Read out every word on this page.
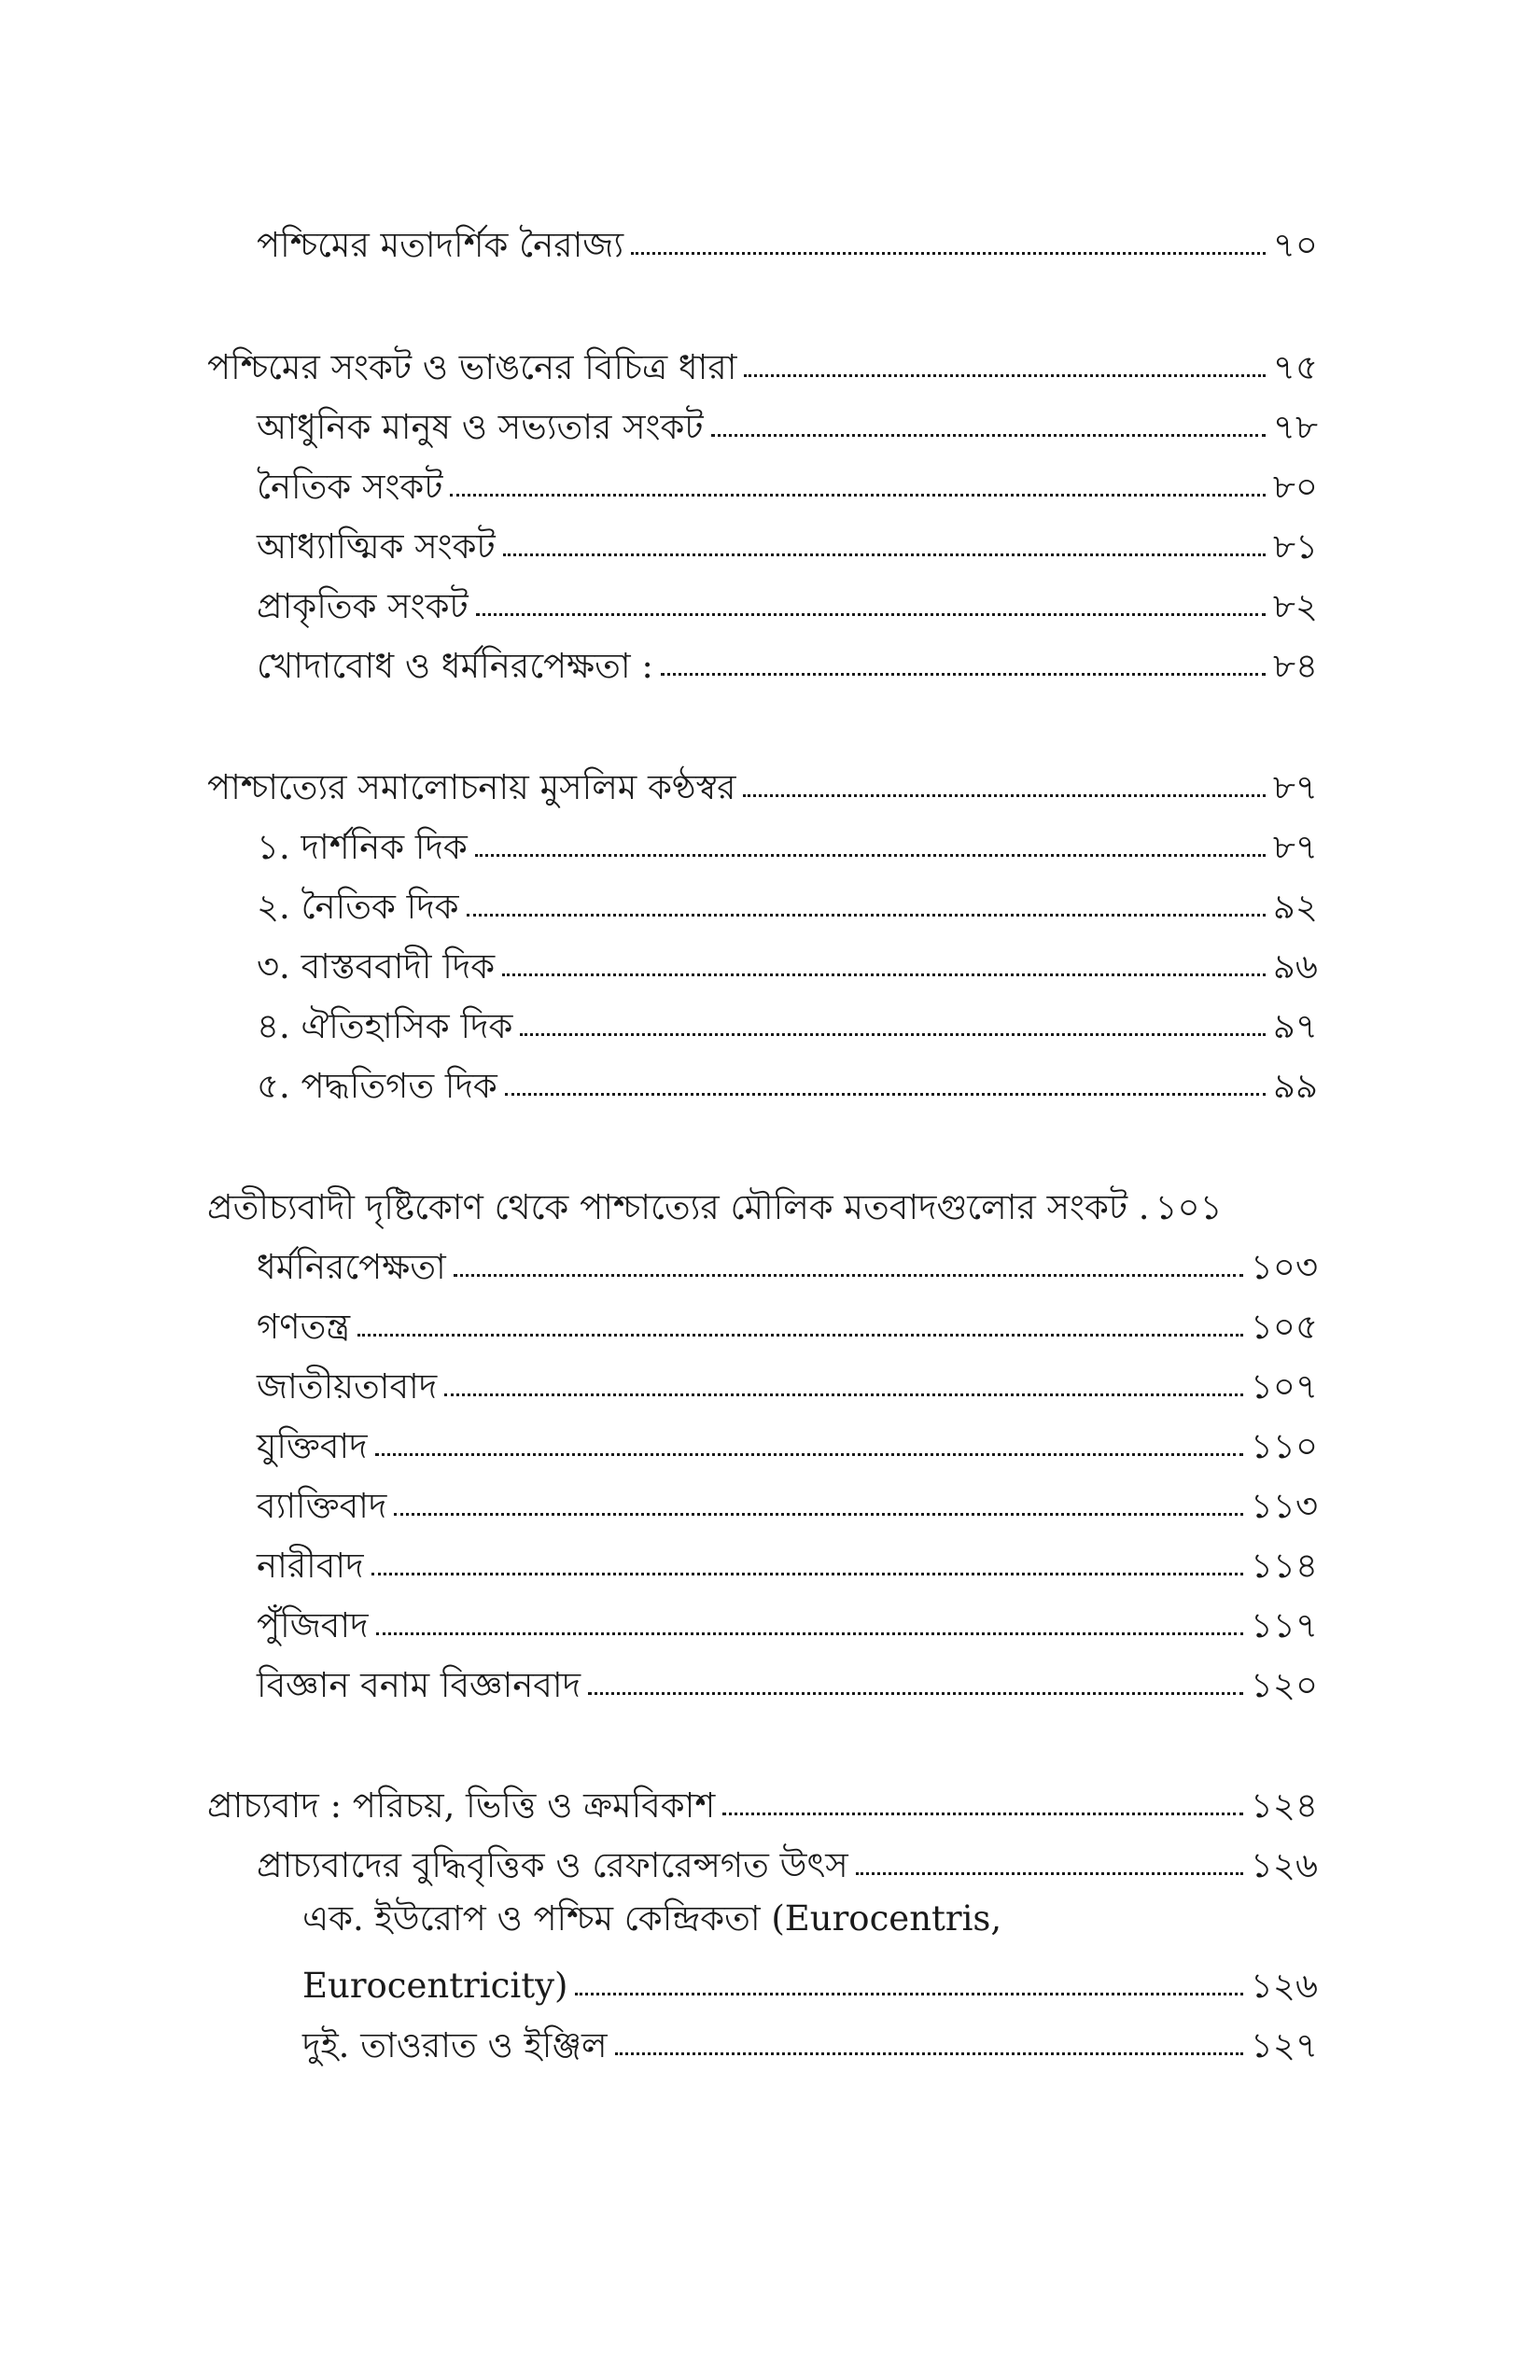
পশ্চিমের মতাদর্শিক নৈরাজ্য	৭০
পশ্চিমের সংকট ও ভাঙনের বিচিত্র ধারা	৭৫
আধুনিক মানুষ ও সভ্যতার সংকট	৭৮
নৈতিক সংকট	৮০
আধ্যাত্মিক সংকট	৮১
প্রাকৃতিক সংকট	৮২
খোদাবোধ ও ধর্মনিরপেক্ষতা :	৮৪
পাশ্চাত্যের সমালোচনায় মুসলিম কণ্ঠস্বর	৮৭
১. দার্শনিক দিক	৮৭
২. নৈতিক দিক	৯২
৩. বাস্তববাদী দিক	৯৬
৪. ঐতিহাসিক দিক	৯৭
৫. পদ্ধতিগত দিক	৯৯
প্রতীচ্যবাদী দৃষ্টিকোণ থেকে পাশ্চাত্যের মৌলিক মতবাদগুলোর সংকট . ১০১
ধর্মনিরপেক্ষতা	১০৩
গণতন্ত্র	১০৫
জাতীয়তাবাদ	১০৭
যুক্তিবাদ	১১০
ব্যাক্তিবাদ	১১৩
নারীবাদ	১১৪
পুঁজিবাদ	১১৭
বিজ্ঞান বনাম বিজ্ঞানবাদ	১২০
প্রাচ্যবাদ : পরিচয়, ভিত্তি ও ক্রমবিকাশ	১২৪
প্রাচ্যবাদের বুদ্ধিবৃত্তিক ও রেফারেন্সগত উৎস	১২৬
এক. ইউরোপ ও পশ্চিম কেন্দ্রিকতা (Eurocentris,
Eurocentricity)	১২৬
দুই. তাওরাত ও ইঞ্জিল	১২৭
